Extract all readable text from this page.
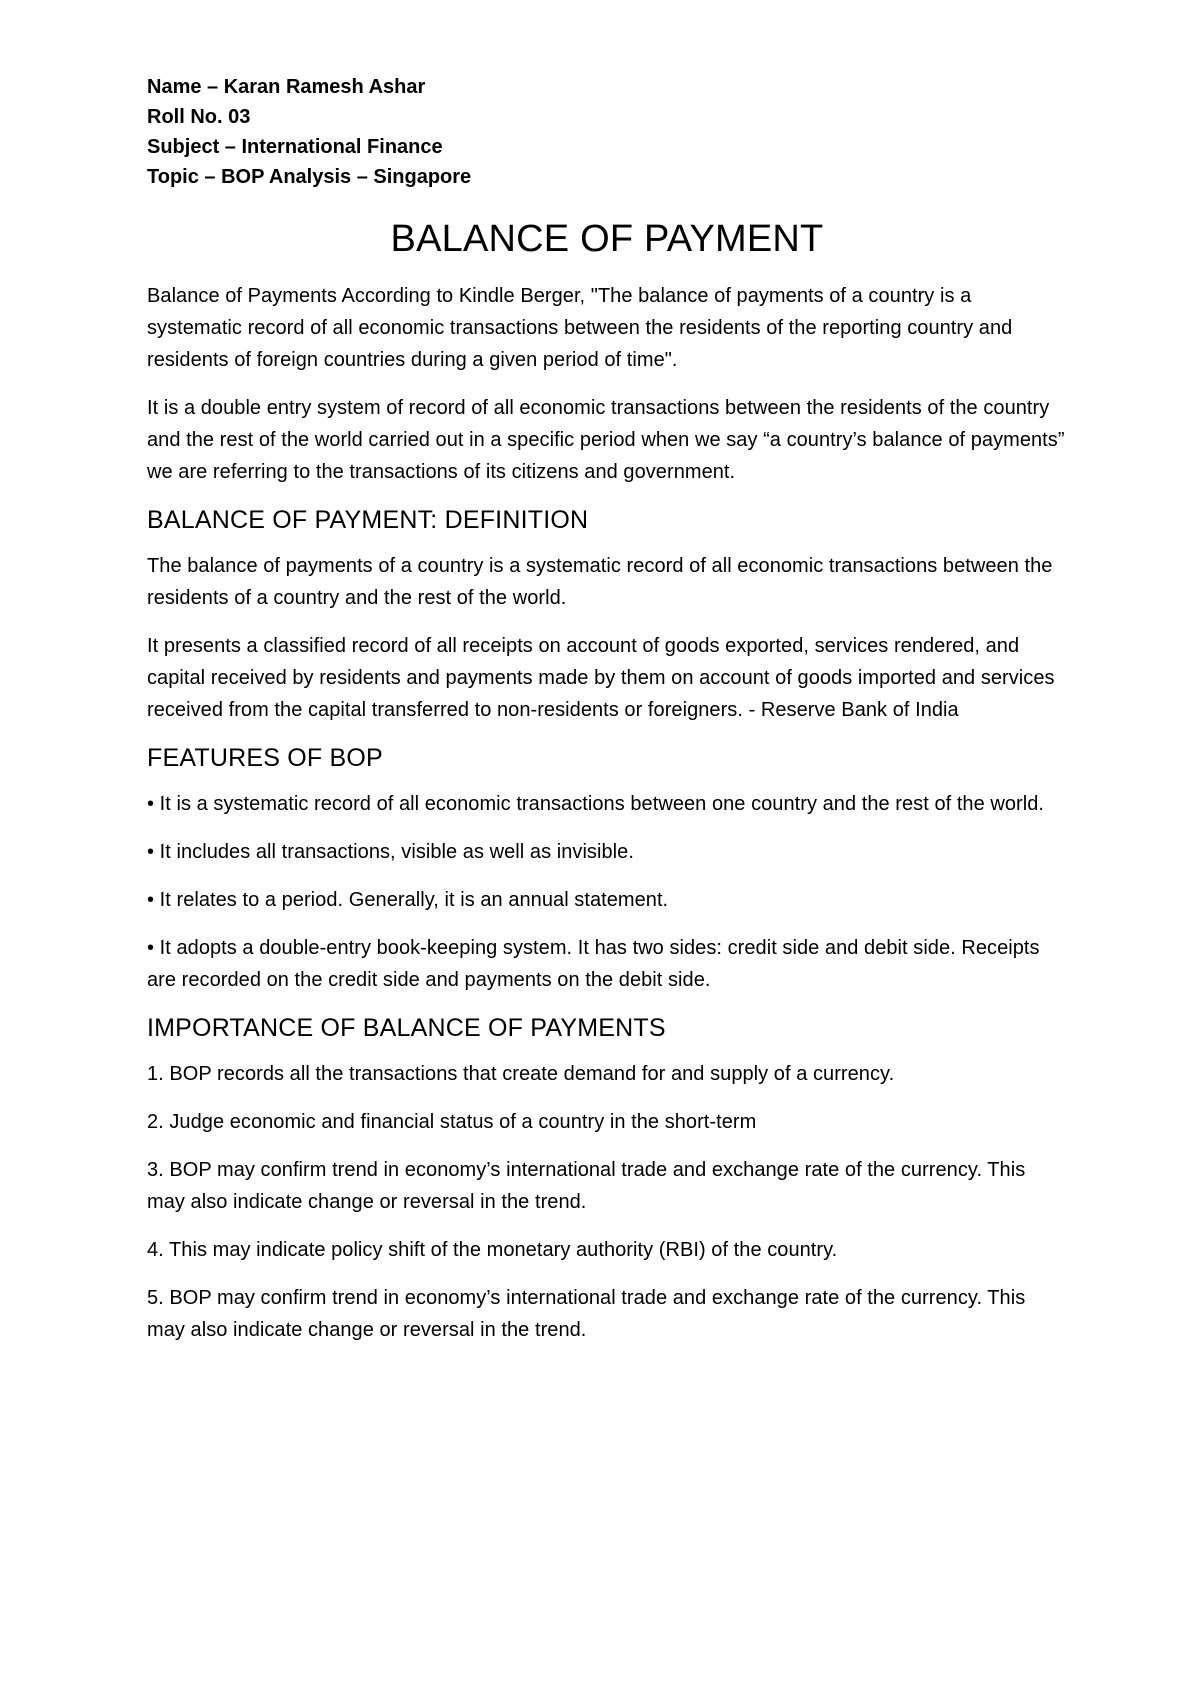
Name – Karan Ramesh Ashar

Roll No. 03

Subject – International Finance

Topic – BOP Analysis – Singapore

BALANCE OF PAYMENT

Balance of Payments According to Kindle Berger, "The balance of payments of a country is a systematic record of all economic transactions between the residents of the reporting country and residents of foreign countries during a given period of time".

It is a double entry system of record of all economic transactions between the residents of the country and the rest of the world carried out in a specific period when we say “a country’s balance of payments” we are referring to the transactions of its citizens and government.

BALANCE OF PAYMENT: DEFINITION

The balance of payments of a country is a systematic record of all economic transactions between the residents of a country and the rest of the world.

It presents a classified record of all receipts on account of goods exported, services rendered, and capital received by residents and payments made by them on account of goods imported and services received from the capital transferred to non-residents or foreigners. - Reserve Bank of India

FEATURES OF BOP

• It is a systematic record of all economic transactions between one country and the rest of the world.

• It includes all transactions, visible as well as invisible.

• It relates to a period. Generally, it is an annual statement.

• It adopts a double-entry book-keeping system. It has two sides: credit side and debit side. Receipts are recorded on the credit side and payments on the debit side.

IMPORTANCE OF BALANCE OF PAYMENTS

1. BOP records all the transactions that create demand for and supply of a currency.

2. Judge economic and financial status of a country in the short-term

3. BOP may confirm trend in economy’s international trade and exchange rate of the currency. This may also indicate change or reversal in the trend.

4. This may indicate policy shift of the monetary authority (RBI) of the country.

5. BOP may confirm trend in economy’s international trade and exchange rate of the currency. This may also indicate change or reversal in the trend.
